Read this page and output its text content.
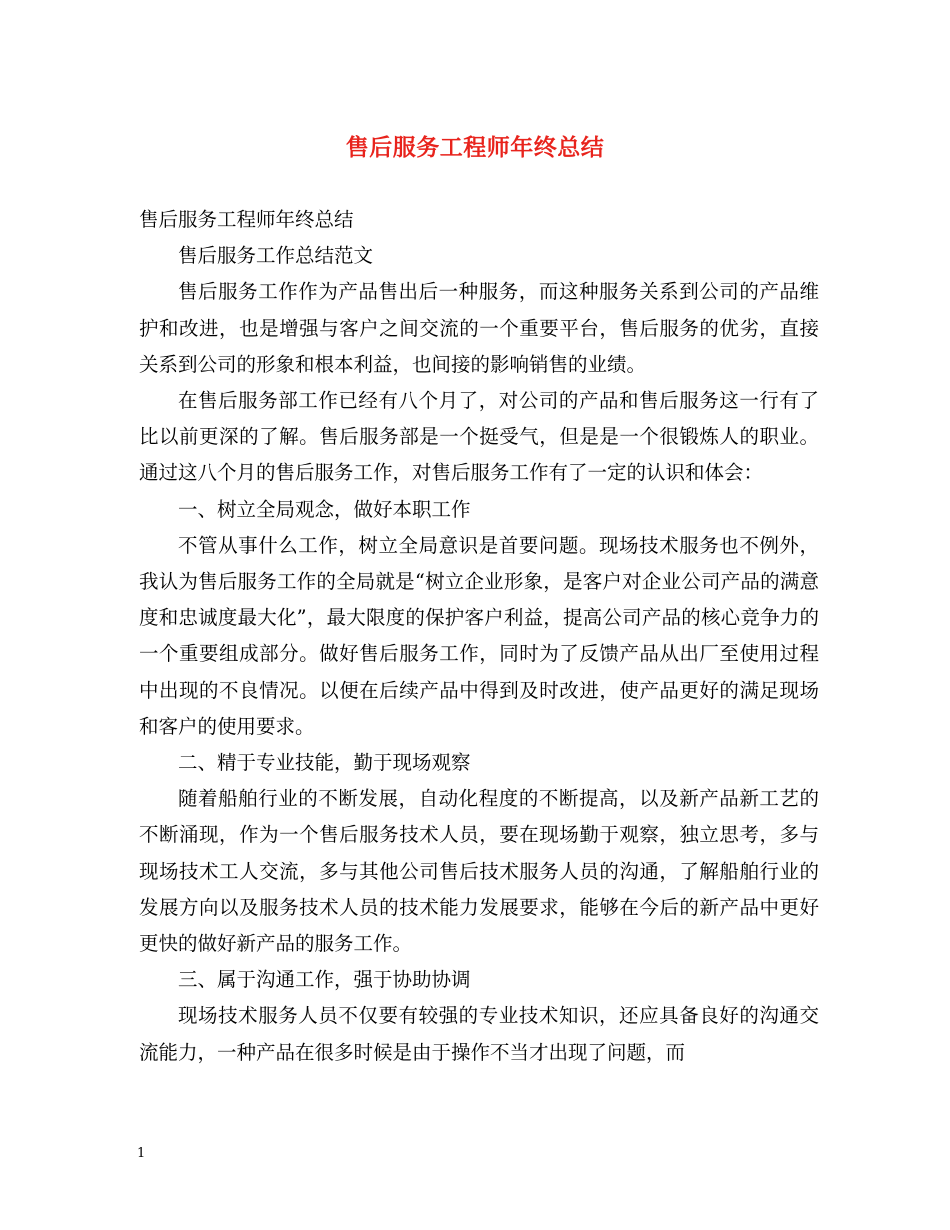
售后服务工程师年终总结

售后服务工程师年终总结

售后服务工作总结范文

售后服务工作作为产品售出后一种服务，而这种服务关系到公司的产品维护和改进，也是增强与客户之间交流的一个重要平台，售后服务的优劣，直接关系到公司的形象和根本利益，也间接的影响销售的业绩。

在售后服务部工作已经有八个月了，对公司的产品和售后服务这一行有了比以前更深的了解。售后服务部是一个挺受气，但是是一个很锻炼人的职业。通过这八个月的售后服务工作，对售后服务工作有了一定的认识和体会：

一、树立全局观念，做好本职工作

不管从事什么工作，树立全局意识是首要问题。现场技术服务也不例外，我认为售后服务工作的全局就是“树立企业形象，是客户对企业公司产品的满意度和忠诚度最大化”，最大限度的保护客户利益，提高公司产品的核心竞争力的一个重要组成部分。做好售后服务工作，同时为了反馈产品从出厂至使用过程中出现的不良情况。以便在后续产品中得到及时改进，使产品更好的满足现场和客户的使用要求。

二、精于专业技能，勤于现场观察

随着船舶行业的不断发展，自动化程度的不断提高，以及新产品新工艺的不断涌现，作为一个售后服务技术人员，要在现场勤于观察，独立思考，多与现场技术工人交流，多与其他公司售后技术服务人员的沟通，了解船舶行业的发展方向以及服务技术人员的技术能力发展要求，能够在今后的新产品中更好更快的做好新产品的服务工作。

三、属于沟通工作，强于协助协调

现场技术服务人员不仅要有较强的专业技术知识，还应具备良好的沟通交流能力，一种产品在很多时候是由于操作不当才出现了问题，而

1
